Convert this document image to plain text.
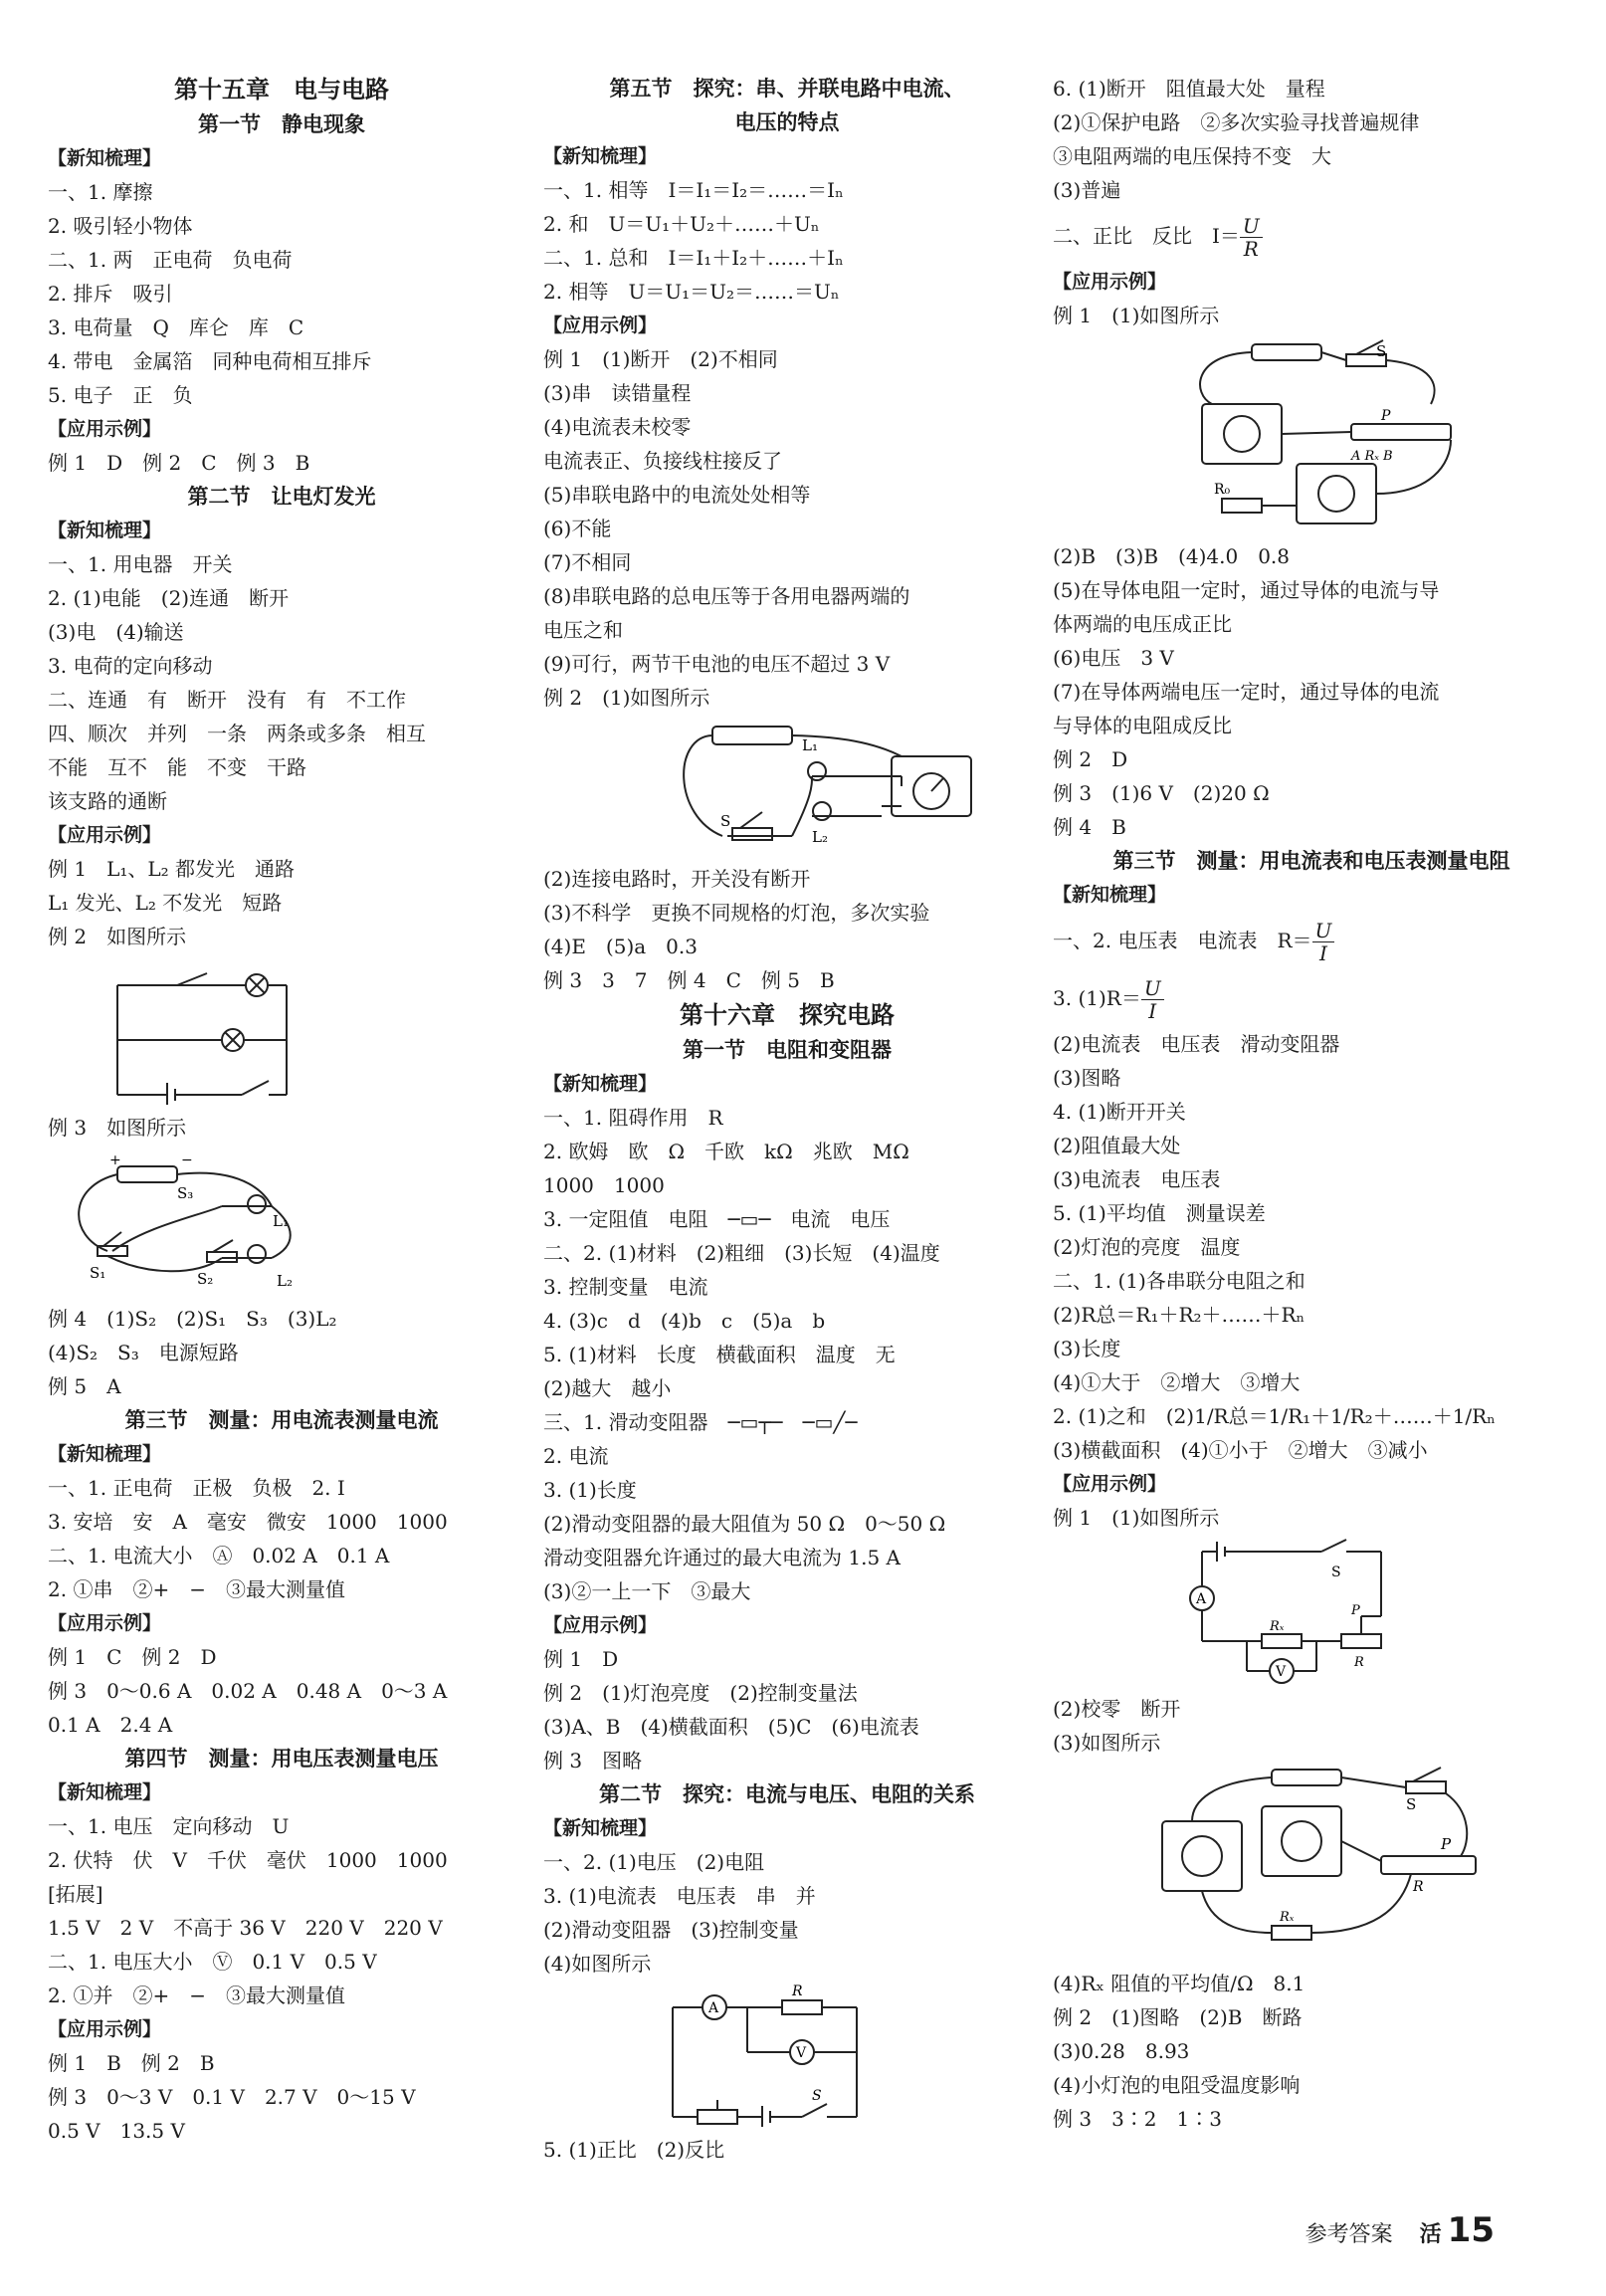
第十五章　电与电路
第一节　静电现象
【新知梳理】
一、1. 摩擦
2. 吸引轻小物体
二、1. 两　正电荷　负电荷
2. 排斥　吸引
3. 电荷量　Q　库仑　库　C
4. 带电　金属箔　同种电荷相互排斥
5. 电子　正　负
【应用示例】
例 1　D　例 2　C　例 3　B
第二节　让电灯发光
【新知梳理】
一、1. 用电器　开关
2. (1)电能　(2)连通　断开
(3)电　(4)输送
3. 电荷的定向移动
二、连通　有　断开　没有　有　不工作
四、顺次　并列　一条　两条或多条　相互
不能　互不　能　不变　干路
该支路的通断
【应用示例】
例 1　L₁、L₂ 都发光　通路
L₁ 发光、L₂ 不发光　短路
例 2　如图所示
例 3　如图所示
+	−
S₁	S₂
S₃
L₁
L₂
例 4　(1)S₂　(2)S₁　S₃　(3)L₂
(4)S₂　S₃　电源短路
例 5　A
第三节　测量：用电流表测量电流
【新知梳理】
一、1. 正电荷　正极　负极　2. I
3. 安培　安　A　毫安　微安　1000　1000
二、1. 电流大小　Ⓐ　0.02 A　0.1 A
2. ①串　②+　−　③最大测量值
【应用示例】
例 1　C　例 2　D
例 3　0～0.6 A　0.02 A　0.48 A　0～3 A
0.1 A　2.4 A
第四节　测量：用电压表测量电压
【新知梳理】
一、1. 电压　定向移动　U
2. 伏特　伏　V　千伏　毫伏　1000　1000
[拓展]
1.5 V　2 V　不高于 36 V　220 V　220 V
二、1. 电压大小　Ⓥ　0.1 V　0.5 V
2. ①并　②+　−　③最大测量值
【应用示例】
例 1　B　例 2　B
例 3　0～3 V　0.1 V　2.7 V　0～15 V
0.5 V　13.5 V
第五节　探究：串、并联电路中电流、
电压的特点
【新知梳理】
一、1. 相等　I＝I₁＝I₂＝……＝Iₙ
2. 和　U＝U₁＋U₂＋……＋Uₙ
二、1. 总和　I＝I₁＋I₂＋……＋Iₙ
2. 相等　U＝U₁＝U₂＝……＝Uₙ
【应用示例】
例 1　(1)断开　(2)不相同
(3)串　读错量程
(4)电流表未校零
电流表正、负接线柱接反了
(5)串联电路中的电流处处相等
(6)不能
(7)不相同
(8)串联电路的总电压等于各用电器两端的
电压之和
(9)可行，两节干电池的电压不超过 3 V
例 2　(1)如图所示
L₁
L₂
S
(2)连接电路时，开关没有断开
(3)不科学　更换不同规格的灯泡，多次实验
(4)E　(5)a　0.3
例 3　3　7　例 4　C　例 5　B
第十六章　探究电路
第一节　电阻和变阻器
【新知梳理】
一、1. 阻碍作用　R
2. 欧姆　欧　Ω　千欧　kΩ　兆欧　MΩ
1000　1000
3. 一定阻值　电阻　─▭─　电流　电压
二、2. (1)材料　(2)粗细　(3)长短　(4)温度
3. 控制变量　电流
4. (3)c　d　(4)b　c　(5)a　b
5. (1)材料　长度　横截面积　温度　无
(2)越大　越小
三、1. 滑动变阻器　─▭┬─　─▭╱─
2. 电流
3. (1)长度
(2)滑动变阻器的最大阻值为 50 Ω　0～50 Ω
滑动变阻器允许通过的最大电流为 1.5 A
(3)②一上一下　③最大
【应用示例】
例 1　D
例 2　(1)灯泡亮度　(2)控制变量法
(3)A、B　(4)横截面积　(5)C　(6)电流表
例 3　图略
第二节　探究：电流与电压、电阻的关系
【新知梳理】
一、2. (1)电压　(2)电阻
3. (1)电流表　电压表　串　并
(2)滑动变阻器　(3)控制变量
(4)如图所示
A
R
V
S
5. (1)正比　(2)反比
6. (1)断开　阻值最大处　量程
(2)①保护电路　②多次实验寻找普遍规律
③电阻两端的电压保持不变　大
(3)普遍
二、正比　反比　$I= \frac{U}{R}$
【应用示例】
例 1　(1)如图所示
S
P
A Rₓ B
R₀
(2)B　(3)B　(4)4.0　0.8
(5)在导体电阻一定时，通过导体的电流与导
体两端的电压成正比
(6)电压　3 V
(7)在导体两端电压一定时，通过导体的电流
与导体的电阻成反比
例 2　D
例 3　(1)6 V　(2)20 Ω
例 4　B
第三节　测量：用电流表和电压表测量电阻
【新知梳理】
一、2. 电压表　电流表　$R= \frac{U}{I}$
3. $(1)R= \frac{U}{I}$
(2)电流表　电压表　滑动变阻器
(3)图略
4. (1)断开开关
(2)阻值最大处
(3)电流表　电压表
5. (1)平均值　测量误差
(2)灯泡的亮度　温度
二、1. (1)各串联分电阻之和
(2)R总＝R₁＋R₂＋……＋Rₙ
(3)长度
(4)①大于　②增大　③增大
2. (1)之和　(2)1/R总＝1/R₁＋1/R₂＋……＋1/Rₙ
(3)横截面积　(4)①小于　②增大　③减小
【应用示例】
例 1　(1)如图所示
S
A
Rₓ
P
V
R
(2)校零　断开
(3)如图所示
S
P
R
Rₓ
(4)Rₓ 阻值的平均值/Ω　8.1
例 2　(1)图略　(2)B　断路
(3)0.28　8.93
(4)小灯泡的电阻受温度影响
例 3　3∶2　1∶3
参考答案 活 15
